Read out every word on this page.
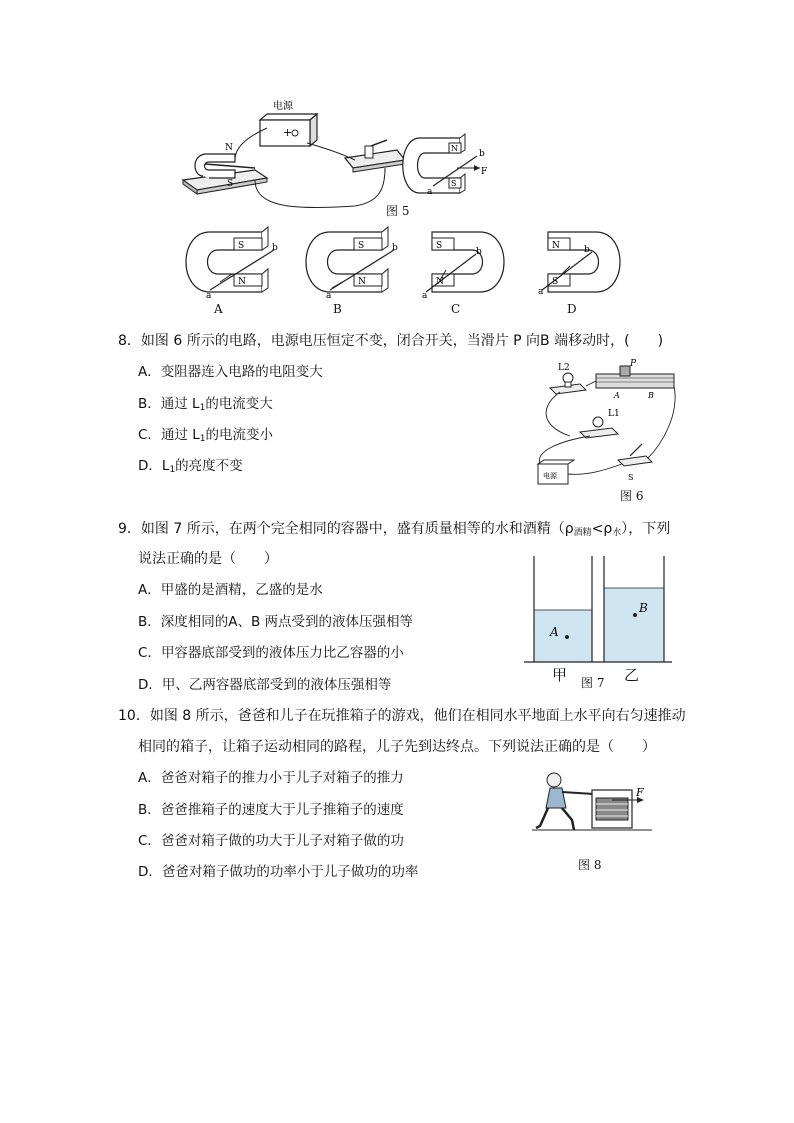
+
电源
N
S
N
S
b
a
F
图 5
S
N
b
a
S
N
b
a
S
N
b
a
N
S
b
a
A	B	C	D
8．如图 6 所示的电路，电源电压恒定不变，闭合开关，当滑片 P 向B 端移动时，(　　)
A．变阻器连入电路的电阻变大
B．通过 $L_1$的电流变大
C．通过 $L_1$的电流变小
D．$L_1$的亮度不变
L2	P
A	B
L1
S
电源
图 6
9．如图 7 所示，在两个完全相同的容器中，盛有质量相等的水和酒精$(\rho_{酒精}<\rho_水)$，下列
说法正确的是（　　）
A．甲盛的是酒精，乙盛的是水
B．深度相同的A、B 两点受到的液体压强相等
C．甲容器底部受到的液体压力比乙容器的小
D．甲、乙两容器底部受到的液体压强相等
A
B
甲 图 7 乙
10．如图 8 所示，爸爸和儿子在玩推箱子的游戏，他们在相同水平地面上水平向右匀速推动
相同的箱子，让箱子运动相同的路程，儿子先到达终点。下列说法正确的是（　　）
A．爸爸对箱子的推力小于儿子对箱子的推力
B．爸爸推箱子的速度大于儿子推箱子的速度
C．爸爸对箱子做的功大于儿子对箱子做的功
D．爸爸对箱子做功的功率小于儿子做功的功率
F
图 8
